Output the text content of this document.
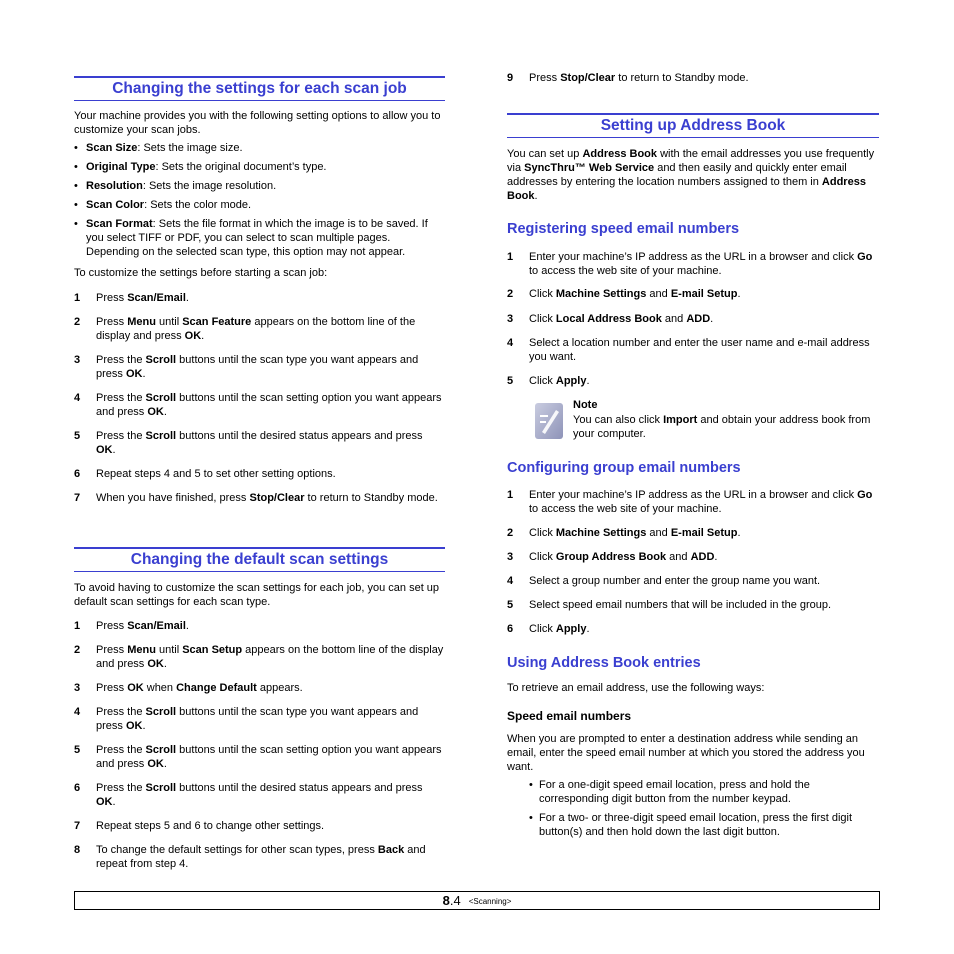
Changing the settings for each scan job
Your machine provides you with the following setting options to allow you to customize your scan jobs.
• Scan Size: Sets the image size.
• Original Type: Sets the original document’s type.
• Resolution: Sets the image resolution.
• Scan Color: Sets the color mode.
• Scan Format: Sets the file format in which the image is to be saved. If you select TIFF or PDF, you can select to scan multiple pages. Depending on the selected scan type, this option may not appear.
To customize the settings before starting a scan job:
1 Press Scan/Email.
2 Press Menu until Scan Feature appears on the bottom line of the display and press OK.
3 Press the Scroll buttons until the scan type you want appears and press OK.
4 Press the Scroll buttons until the scan setting option you want appears and press OK.
5 Press the Scroll buttons until the desired status appears and press OK.
6 Repeat steps 4 and 5 to set other setting options.
7 When you have finished, press Stop/Clear to return to Standby mode.
Changing the default scan settings
To avoid having to customize the scan settings for each job, you can set up default scan settings for each scan type.
1 Press Scan/Email.
2 Press Menu until Scan Setup appears on the bottom line of the display and press OK.
3 Press OK when Change Default appears.
4 Press the Scroll buttons until the scan type you want appears and press OK.
5 Press the Scroll buttons until the scan setting option you want appears and press OK.
6 Press the Scroll buttons until the desired status appears and press OK.
7 Repeat steps 5 and 6 to change other settings.
8 To change the default settings for other scan types, press Back and repeat from step 4.
9 Press Stop/Clear to return to Standby mode.
Setting up Address Book
You can set up Address Book with the email addresses you use frequently via SyncThru™ Web Service and then easily and quickly enter email addresses by entering the location numbers assigned to them in Address Book.
Registering speed email numbers
1 Enter your machine’s IP address as the URL in a browser and click Go to access the web site of your machine.
2 Click Machine Settings and E-mail Setup.
3 Click Local Address Book and ADD.
4 Select a location number and enter the user name and e-mail address you want.
5 Click Apply.
Note
You can also click Import and obtain your address book from your computer.
Configuring group email numbers
1 Enter your machine’s IP address as the URL in a browser and click Go to access the web site of your machine.
2 Click Machine Settings and E-mail Setup.
3 Click Group Address Book and ADD.
4 Select a group number and enter the group name you want.
5 Select speed email numbers that will be included in the group.
6 Click Apply.
Using Address Book entries
To retrieve an email address, use the following ways:
Speed email numbers
When you are prompted to enter a destination address while sending an email, enter the speed email number at which you stored the address you want.
• For a one-digit speed email location, press and hold the corresponding digit button from the number keypad.
• For a two- or three-digit speed email location, press the first digit button(s) and then hold down the last digit button.
8.4 <Scanning>
